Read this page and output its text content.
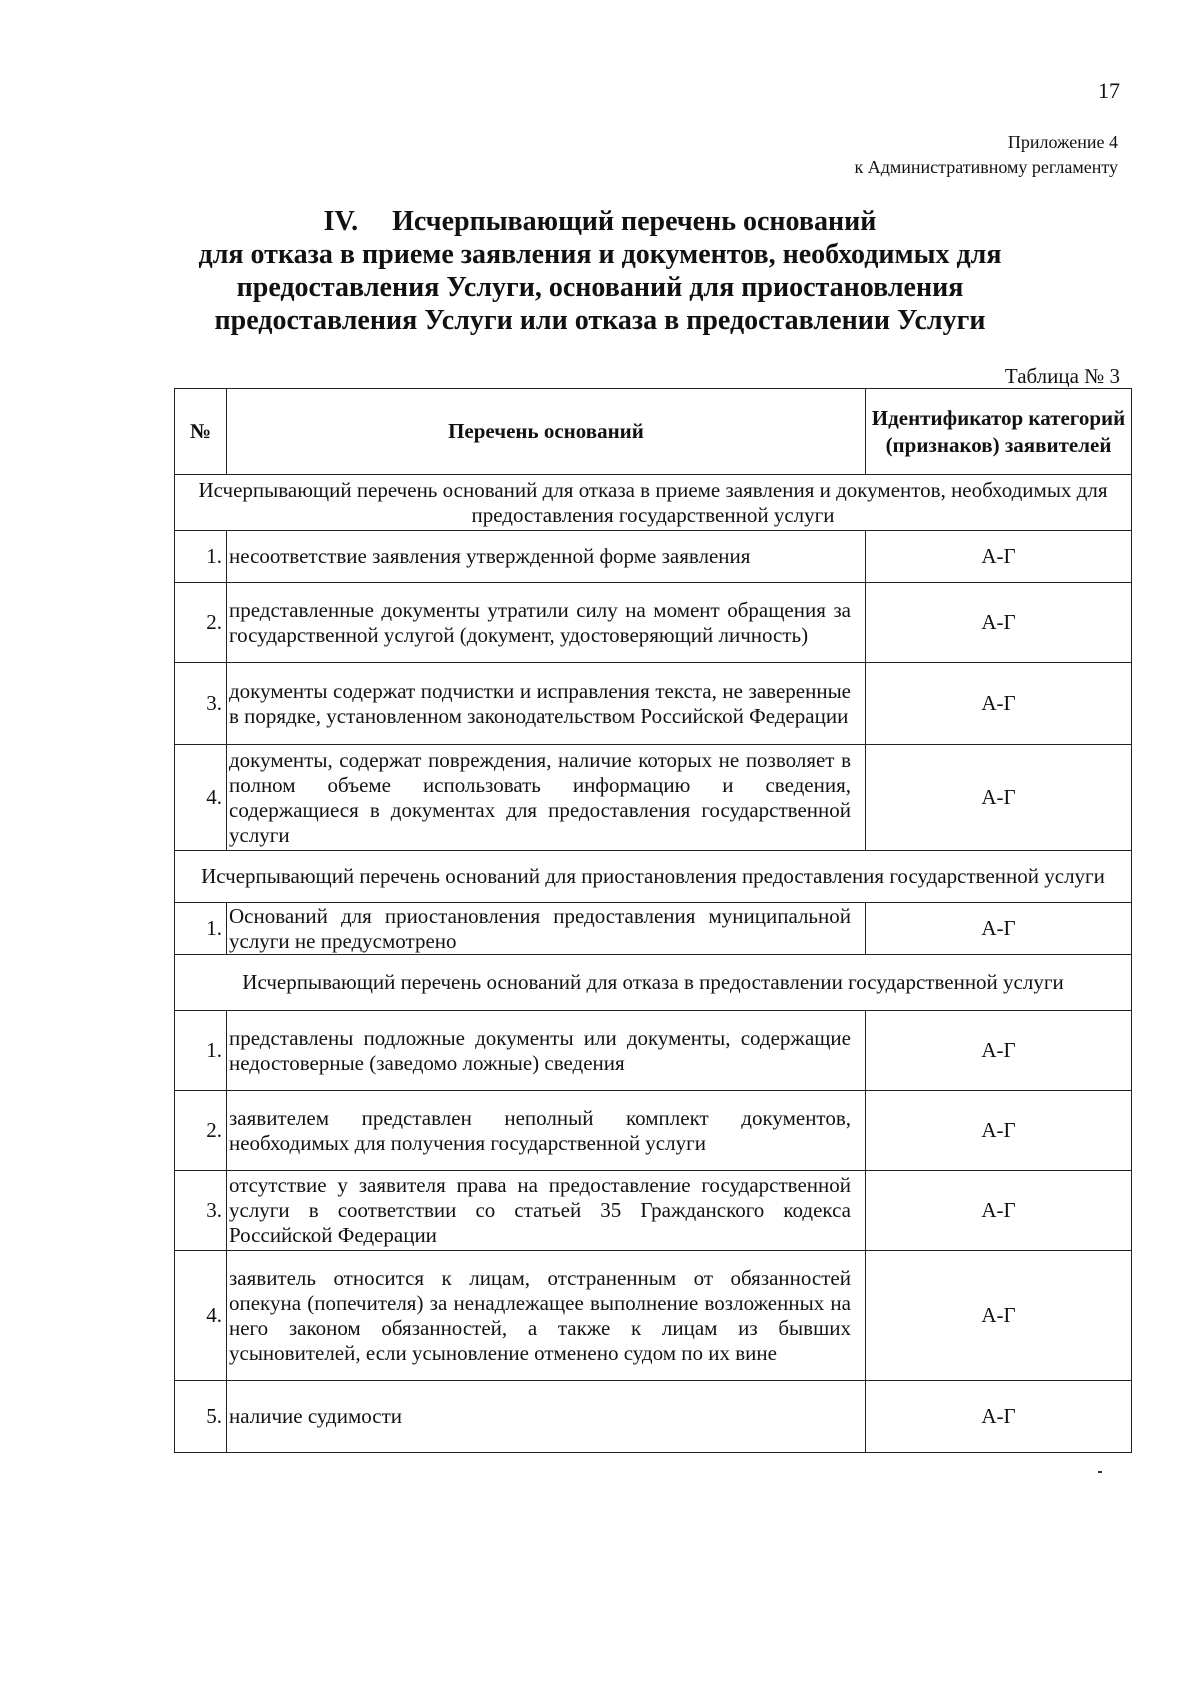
17
Приложение 4
к Административному регламенту
IV. Исчерпывающий перечень оснований
для отказа в приеме заявления и документов, необходимых для
предоставления Услуги, оснований для приостановления
предоставления Услуги или отказа в предоставлении Услуги
Таблица № 3
№	Перечень оснований	Идентификатор категорий (признаков) заявителей
Исчерпывающий перечень оснований для отказа в приеме заявления и документов, необходимых для предоставления государственной услуги		
1.	несоответствие заявления утвержденной форме заявления	А-Г
2.	представленные документы утратили силу на момент обращения за государственной услугой (документ, удостоверяющий личность)	А-Г
3.	документы содержат подчистки и исправления текста, не заверенные в порядке, установленном законодательством Российской Федерации	А-Г
4.	документы, содержат повреждения, наличие которых не позволяет в полном объеме использовать информацию и сведения, содержащиеся в документах для предоставления государственной услуги	А-Г
Исчерпывающий перечень оснований для приостановления предоставления государственной услуги		
1.	Оснований для приостановления предоставления муниципальной услуги не предусмотрено	А-Г
Исчерпывающий перечень оснований для отказа в предоставлении государственной услуги		
1.	представлены подложные документы или документы, содержащие недостоверные (заведомо ложные) сведения	А-Г
2.	заявителем представлен неполный комплект документов, необходимых для получения государственной услуги	А-Г
3.	отсутствие у заявителя права на предоставление государственной услуги в соответствии со статьей 35 Гражданского кодекса Российской Федерации	А-Г
4.	заявитель относится к лицам, отстраненным от обязанностей опекуна (попечителя) за ненадлежащее выполнение возложенных на него законом обязанностей, а также к лицам из бывших усыновителей, если усыновление отменено судом по их вине	А-Г
5.	наличие судимости	А-Г
